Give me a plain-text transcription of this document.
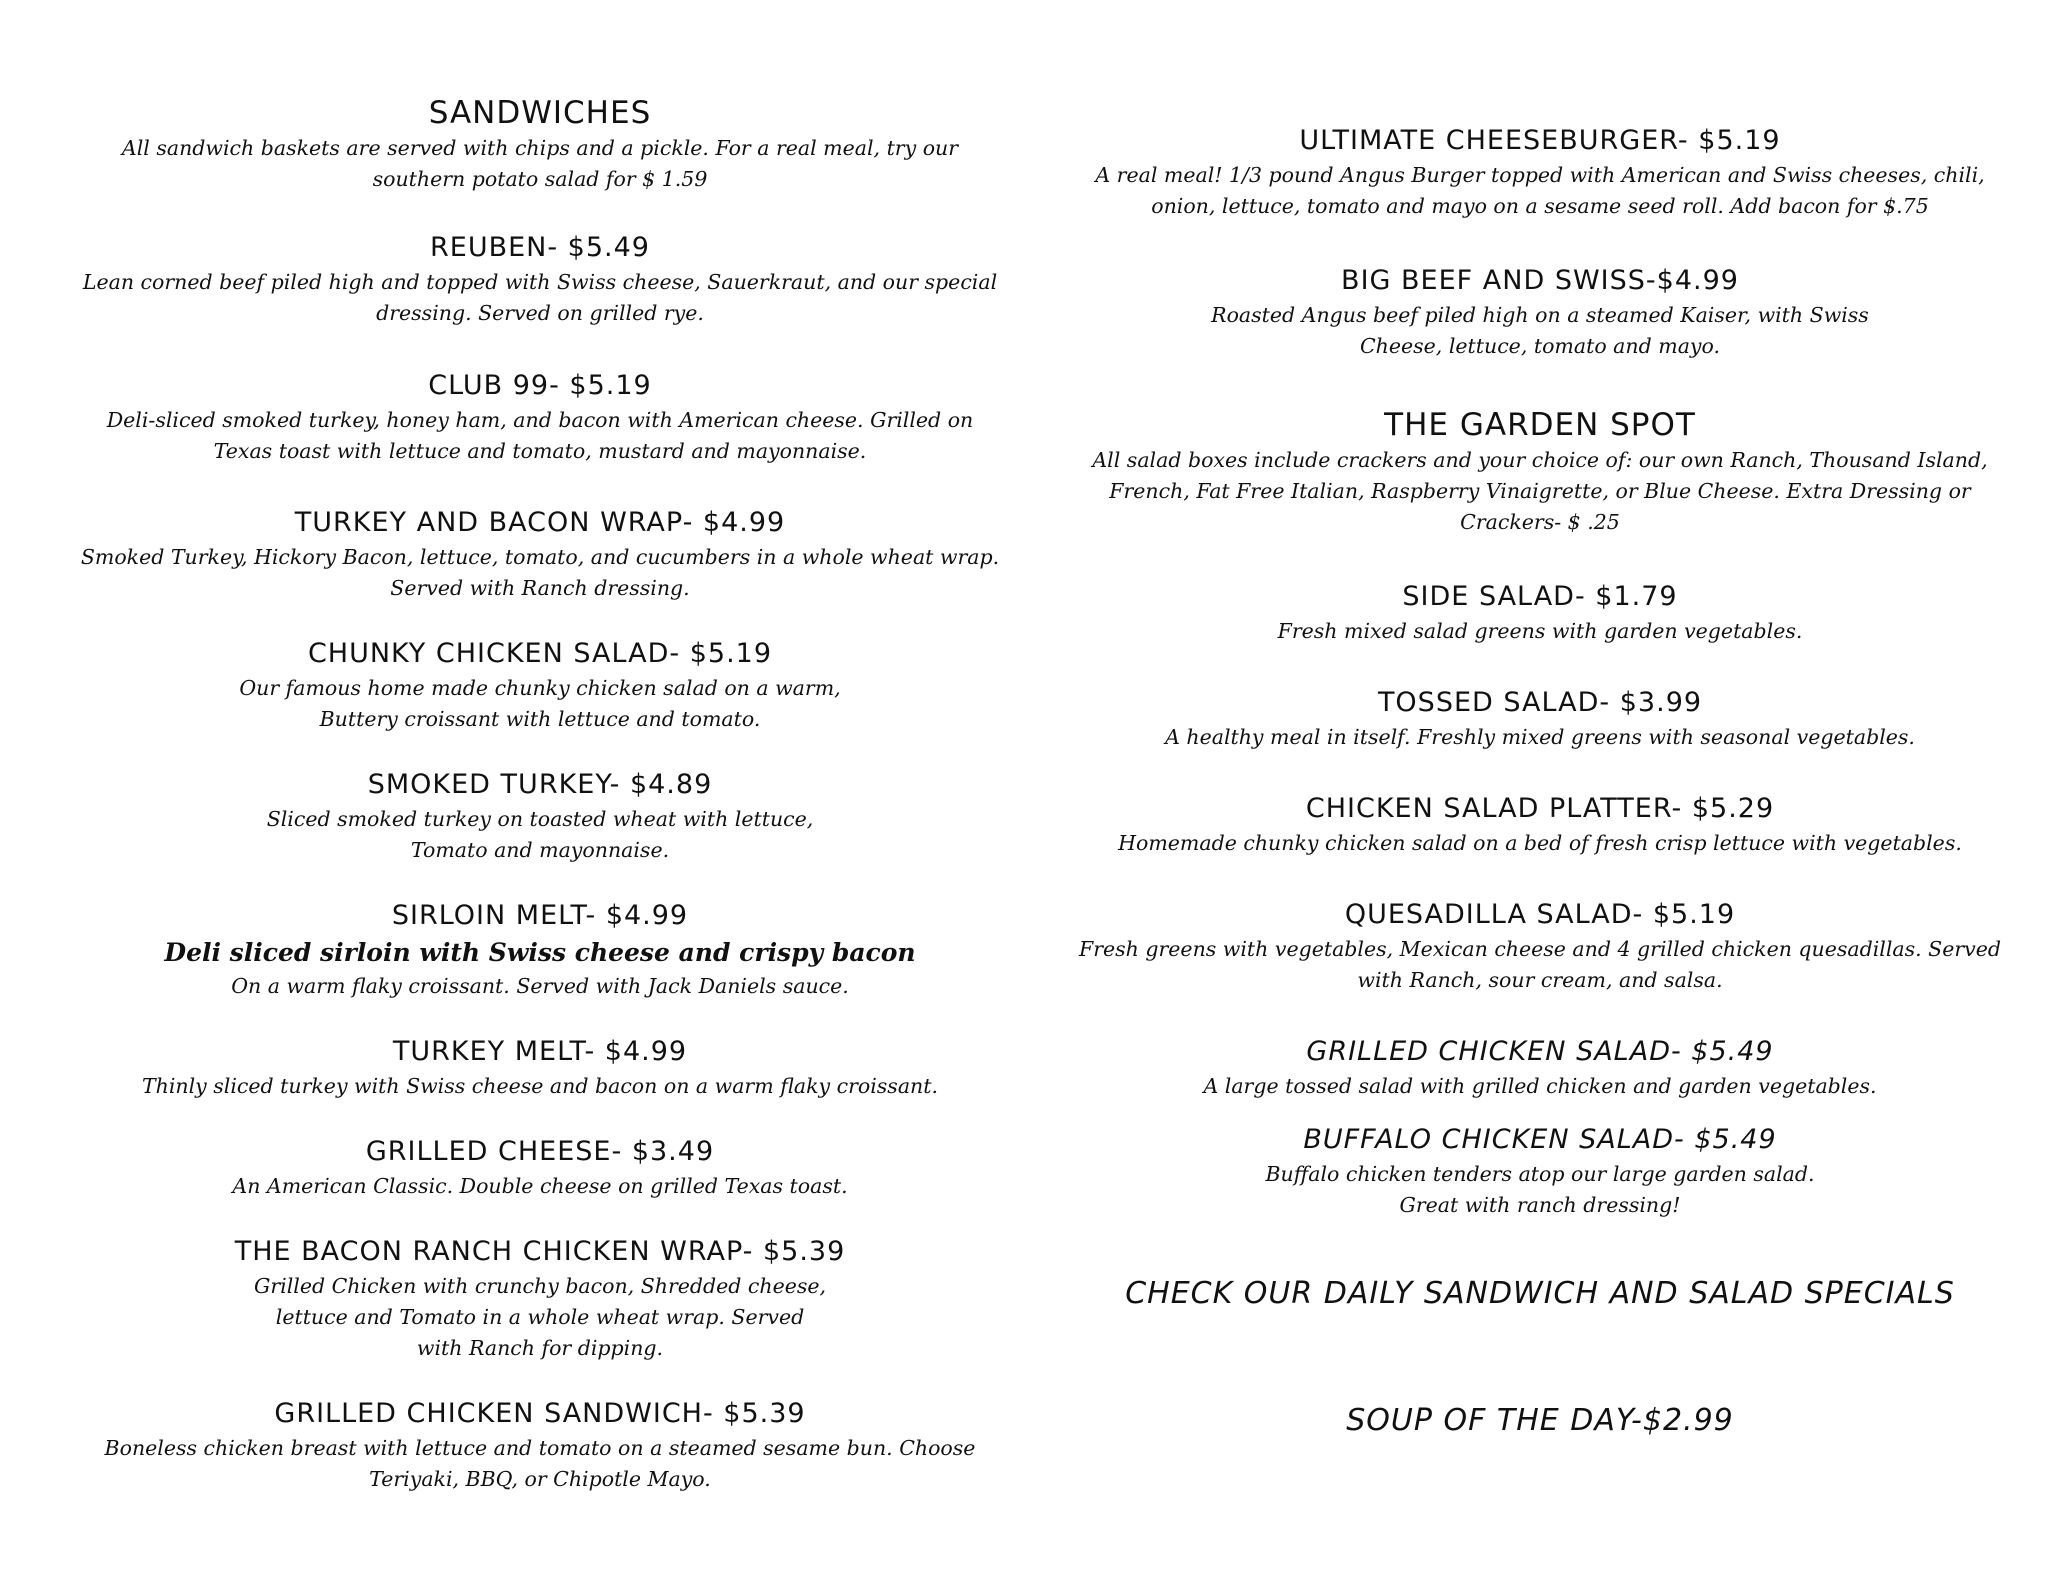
SANDWICHES
All sandwich baskets are served with chips and a pickle. For a real meal, try our
southern potato salad for $ 1.59
REUBEN- $5.49
Lean corned beef piled high and topped with Swiss cheese, Sauerkraut, and our special
dressing. Served on grilled rye.
CLUB 99- $5.19
Deli-sliced smoked turkey, honey ham, and bacon with American cheese. Grilled on
Texas toast with lettuce and tomato, mustard and mayonnaise.
TURKEY AND BACON WRAP- $4.99
Smoked Turkey, Hickory Bacon, lettuce, tomato, and cucumbers in a whole wheat wrap.
Served with Ranch dressing.
CHUNKY CHICKEN SALAD- $5.19
Our famous home made chunky chicken salad on a warm,
Buttery croissant with lettuce and tomato.
SMOKED TURKEY- $4.89
Sliced smoked turkey on toasted wheat with lettuce,
Tomato and mayonnaise.
SIRLOIN MELT- $4.99
Deli sliced sirloin with Swiss cheese and crispy bacon
On a warm flaky croissant. Served with Jack Daniels sauce.
TURKEY MELT- $4.99
Thinly sliced turkey with Swiss cheese and bacon on a warm flaky croissant.
GRILLED CHEESE- $3.49
An American Classic. Double cheese on grilled Texas toast.
THE BACON RANCH CHICKEN WRAP- $5.39
Grilled Chicken with crunchy bacon, Shredded cheese,
lettuce and Tomato in a whole wheat wrap. Served
with Ranch for dipping.
GRILLED CHICKEN SANDWICH- $5.39
Boneless chicken breast with lettuce and tomato on a steamed sesame bun. Choose
Teriyaki, BBQ, or Chipotle Mayo.
ULTIMATE CHEESEBURGER- $5.19
A real meal! 1/3 pound Angus Burger topped with American and Swiss cheeses, chili,
onion, lettuce, tomato and mayo on a sesame seed roll. Add bacon for $.75
BIG BEEF AND SWISS-$4.99
Roasted Angus beef piled high on a steamed Kaiser, with Swiss
Cheese, lettuce, tomato and mayo.
THE GARDEN SPOT
All salad boxes include crackers and your choice of: our own Ranch, Thousand Island,
French, Fat Free Italian, Raspberry Vinaigrette, or Blue Cheese. Extra Dressing or
Crackers- $ .25
SIDE SALAD- $1.79
Fresh mixed salad greens with garden vegetables.
TOSSED SALAD- $3.99
A healthy meal in itself. Freshly mixed greens with seasonal vegetables.
CHICKEN SALAD PLATTER- $5.29
Homemade chunky chicken salad on a bed of fresh crisp lettuce with vegetables.
QUESADILLA SALAD- $5.19
Fresh greens with vegetables, Mexican cheese and 4 grilled chicken quesadillas. Served
with Ranch, sour cream, and salsa.
GRILLED CHICKEN SALAD- $5.49
A large tossed salad with grilled chicken and garden vegetables.
BUFFALO CHICKEN SALAD- $5.49
Buffalo chicken tenders atop our large garden salad.
Great with ranch dressing!
CHECK OUR DAILY SANDWICH AND SALAD SPECIALS
SOUP OF THE DAY-$2.99
